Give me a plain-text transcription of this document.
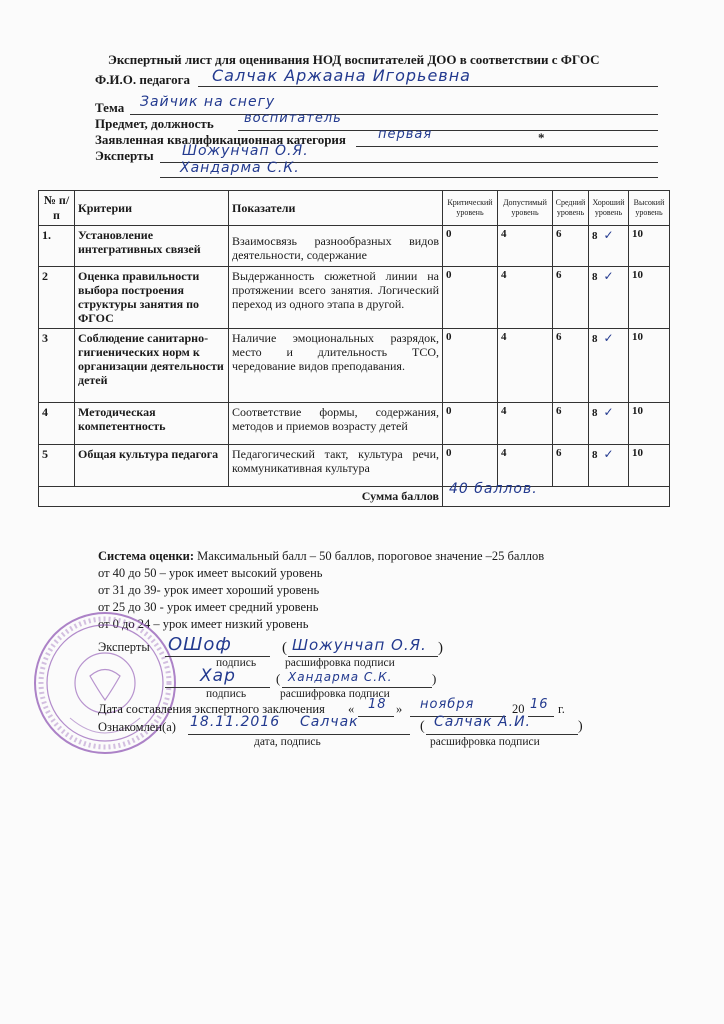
Экспертный лист для оценивания НОД воспитателей ДОО в соответствии с ФГОС
Ф.И.О. педагога Салчак Аржаана Игорьевна
Тема Зайчик на снегу
Предмет, должность воспитатель
Заявленная квалификационная категория первая	*
Эксперты Шожунчап О.Я.
Хандарма С.К.
№ п/п	Критерии	Показатели	Критический уровень	Допустимый уровень	Средний уровень	Хороший уровень	Высокий уровень
1.	Установление интегративных связей	Взаимосвязь разнообразных видов деятельности, содержание	0	4	6	8 ✓	10
2	Оценка правильности выбора построения структуры занятия по ФГОС	Выдержанность сюжетной линии на протяжении всего занятия. Логический переход из одного этапа в другой.	0	4	6	8 ✓	10
3	Соблюдение санитарно-гигиенических норм к организации деятельности детей	Наличие эмоциональных разрядок, место и длительность ТСО, чередование видов преподавания.	0	4	6	8 ✓	10
4	Методическая компетентность	Соответствие формы, содержания, методов и приемов возрасту детей	0	4	6	8 ✓	10
5	Общая культура педагога	Педагогический такт, культура речи, коммуникативная культура	0	4	6	8 ✓	10
Сумма баллов			40 баллов.				
Система оценки: Максимальный балл – 50 баллов, пороговое значение –25 баллов
от 40 до 50 – урок имеет высокий уровень
от 31 до 39- урок имеет хороший уровень
от 25 до 30 - урок имеет средний уровень
от 0 до 24 – урок имеет низкий уровень
Эксперты ОШоф	( Шожунчап О.Я. )
подпись	расшифровка подписи
Хар	( Хандарма С.К.	)
подпись	расшифровка подписи
Дата составления экспертного заключения « 18 » ноября	20 16 г.
Ознакомлен(а) 18.11.2016 Салчак	( Салчак А.И.	)
дата, подпись	расшифровка подписи
